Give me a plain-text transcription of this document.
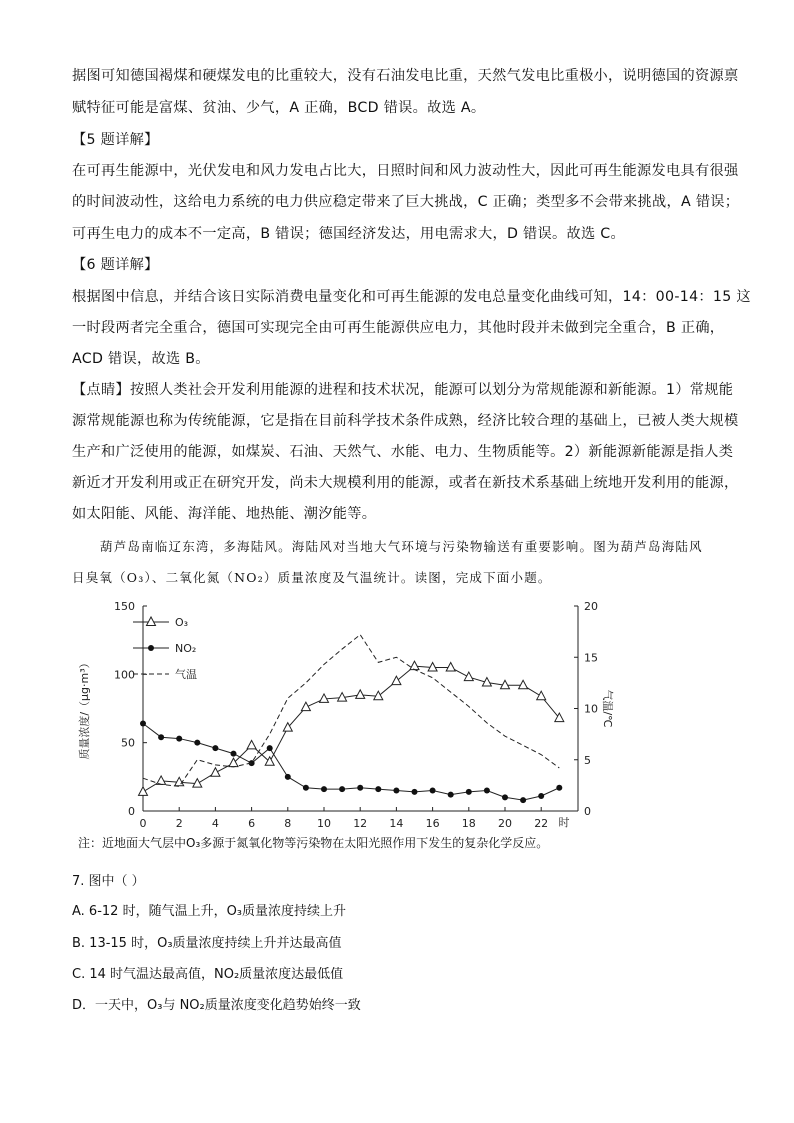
据图可知德国褐煤和硬煤发电的比重较大，没有石油发电比重，天然气发电比重极小，说明德国的资源禀
赋特征可能是富煤、贫油、少气，A 正确，BCD 错误。故选 A。
【5 题详解】
在可再生能源中，光伏发电和风力发电占比大，日照时间和风力波动性大，因此可再生能源发电具有很强
的时间波动性，这给电力系统的电力供应稳定带来了巨大挑战，C 正确；类型多不会带来挑战，A 错误；
可再生电力的成本不一定高，B 错误；德国经济发达，用电需求大，D 错误。故选 C。
【6 题详解】
根据图中信息，并结合该日实际消费电量变化和可再生能源的发电总量变化曲线可知，14：00-14：15 这
一时段两者完全重合，德国可实现完全由可再生能源供应电力，其他时段并未做到完全重合，B 正确，
ACD 错误，故选 B。
【点睛】按照人类社会开发利用能源的进程和技术状况，能源可以划分为常规能源和新能源。1）常规能
源常规能源也称为传统能源，它是指在目前科学技术条件成熟，经济比较合理的基础上，已被人类大规模
生产和广泛使用的能源，如煤炭、石油、天然气、水能、电力、生物质能等。2）新能源新能源是指人类
新近才开发利用或正在研究开发，尚未大规模利用的能源，或者在新技术系基础上统地开发利用的能源，
如太阳能、风能、海洋能、地热能、潮汐能等。
葫芦岛南临辽东湾，多海陆风。海陆风对当地大气环境与污染物输送有重要影响。图为葫芦岛海陆风
日臭氧（O₃）、二氧化氮（NO₂）质量浓度及气温统计。读图，完成下面小题。
0
50
100
150
0
5
10
15
20
0	2	4	6	8 10 12 14 16 18 20 22 时
质量浓度/（μg·m³）	气温/℃
O₃
NO₂
气温
注：近地面大气层中O₃多源于氮氧化物等污染物在太阳光照作用下发生的复杂化学反应。
7. 图中（ ）
A. 6-12 时，随气温上升，O₃质量浓度持续上升
B. 13-15 时，O₃质量浓度持续上升并达最高值
C. 14 时气温达最高值，NO₂质量浓度达最低值
D．一天中，O₃与 NO₂质量浓度变化趋势始终一致
